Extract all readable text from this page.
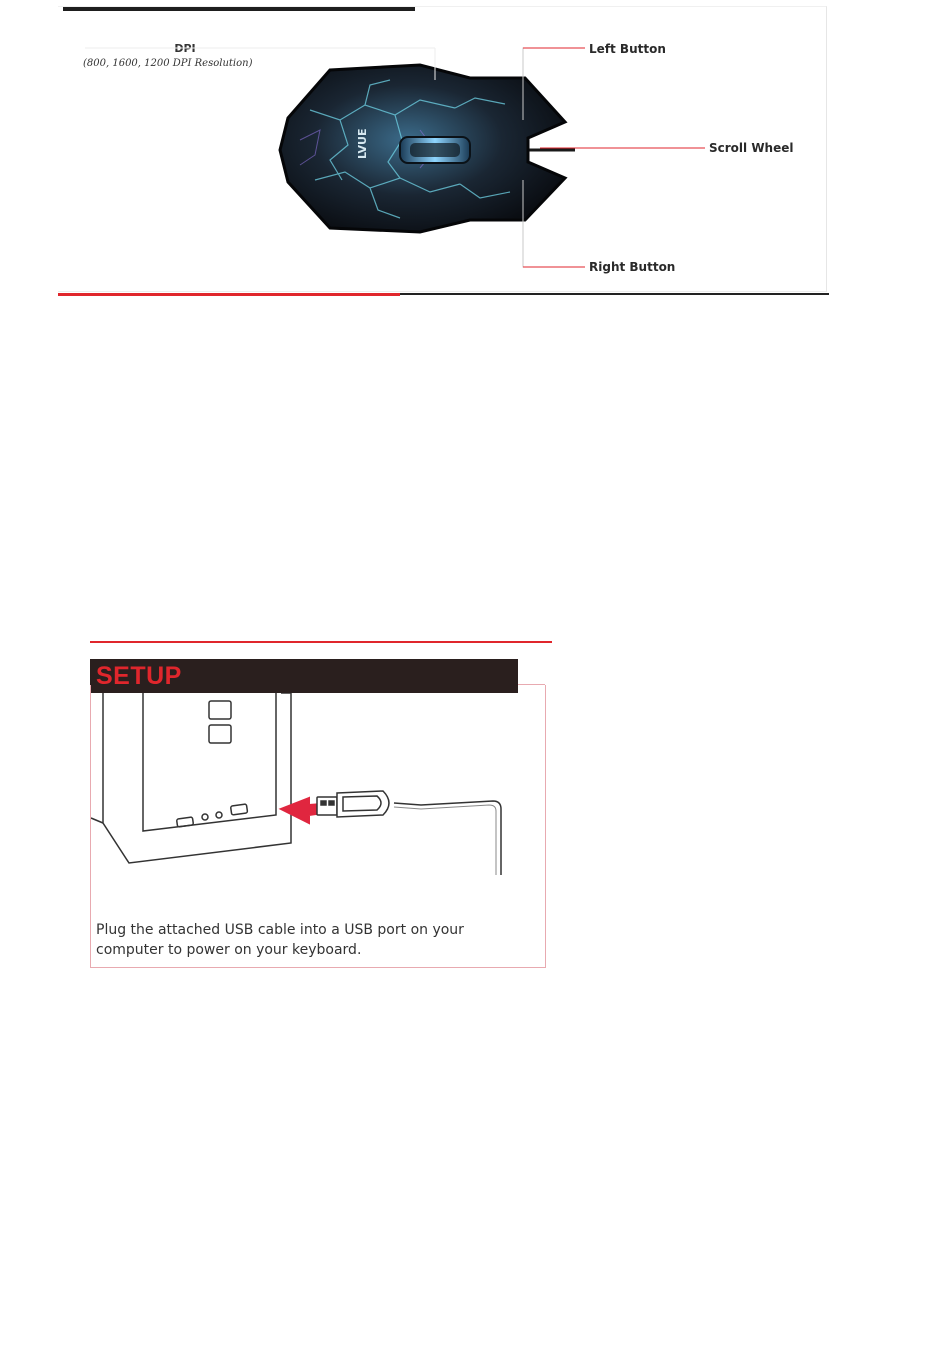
DPI
(800, 1600, 1200 DPI Resolution)
LVUE
Left Button
Scroll Wheel
Right Button
SETUP
Plug the attached USB cable into a USB port on your
computer to power on your keyboard.
